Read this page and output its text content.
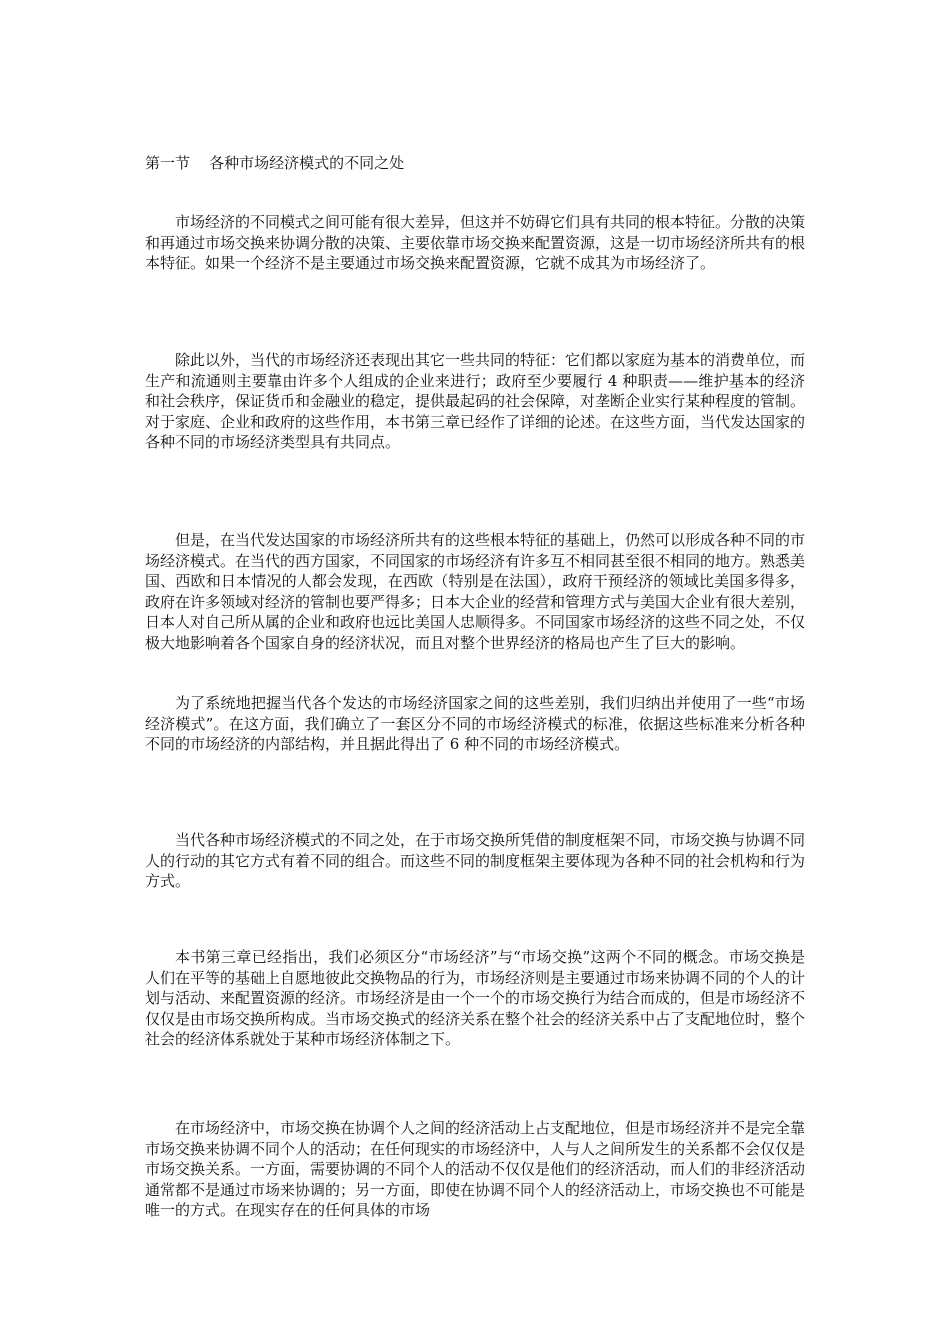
第一节    各种市场经济模式的不同之处

市场经济的不同模式之间可能有很大差异，但这并不妨碍它们具有共同的根本特征。分散的决策和再通过市场交换来协调分散的决策、主要依靠市场交换来配置资源，这是一切市场经济所共有的根本特征。如果一个经济不是主要通过市场交换来配置资源，它就不成其为市场经济了。

除此以外，当代的市场经济还表现出其它一些共同的特征：它们都以家庭为基本的消费单位，而生产和流通则主要靠由许多个人组成的企业来进行；政府至少要履行 4 种职责——维护基本的经济和社会秩序，保证货币和金融业的稳定，提供最起码的社会保障，对垄断企业实行某种程度的管制。对于家庭、企业和政府的这些作用，本书第三章已经作了详细的论述。在这些方面，当代发达国家的各种不同的市场经济类型具有共同点。

但是，在当代发达国家的市场经济所共有的这些根本特征的基础上，仍然可以形成各种不同的市场经济模式。在当代的西方国家，不同国家的市场经济有许多互不相同甚至很不相同的地方。熟悉美国、西欧和日本情况的人都会发现，在西欧（特别是在法国），政府干预经济的领域比美国多得多，政府在许多领域对经济的管制也要严得多；日本大企业的经营和管理方式与美国大企业有很大差别，日本人对自己所从属的企业和政府也远比美国人忠顺得多。不同国家市场经济的这些不同之处，不仅极大地影响着各个国家自身的经济状况，而且对整个世界经济的格局也产生了巨大的影响。

为了系统地把握当代各个发达的市场经济国家之间的这些差别，我们归纳出并使用了一些“市场经济模式”。在这方面，我们确立了一套区分不同的市场经济模式的标准，依据这些标准来分析各种不同的市场经济的内部结构，并且据此得出了 6 种不同的市场经济模式。

当代各种市场经济模式的不同之处，在于市场交换所凭借的制度框架不同，市场交换与协调不同人的行动的其它方式有着不同的组合。而这些不同的制度框架主要体现为各种不同的社会机构和行为方式。

本书第三章已经指出，我们必须区分“市场经济”与“市场交换”这两个不同的概念。市场交换是人们在平等的基础上自愿地彼此交换物品的行为，市场经济则是主要通过市场来协调不同的个人的计划与活动、来配置资源的经济。市场经济是由一个一个的市场交换行为结合而成的，但是市场经济不仅仅是由市场交换所构成。当市场交换式的经济关系在整个社会的经济关系中占了支配地位时，整个社会的经济体系就处于某种市场经济体制之下。

在市场经济中，市场交换在协调个人之间的经济活动上占支配地位，但是市场经济并不是完全靠市场交换来协调不同个人的活动；在任何现实的市场经济中，人与人之间所发生的关系都不会仅仅是市场交换关系。一方面，需要协调的不同个人的活动不仅仅是他们的经济活动，而人们的非经济活动通常都不是通过市场来协调的；另一方面，即使在协调不同个人的经济活动上，市场交换也不可能是唯一的方式。在现实存在的任何具体的市场
